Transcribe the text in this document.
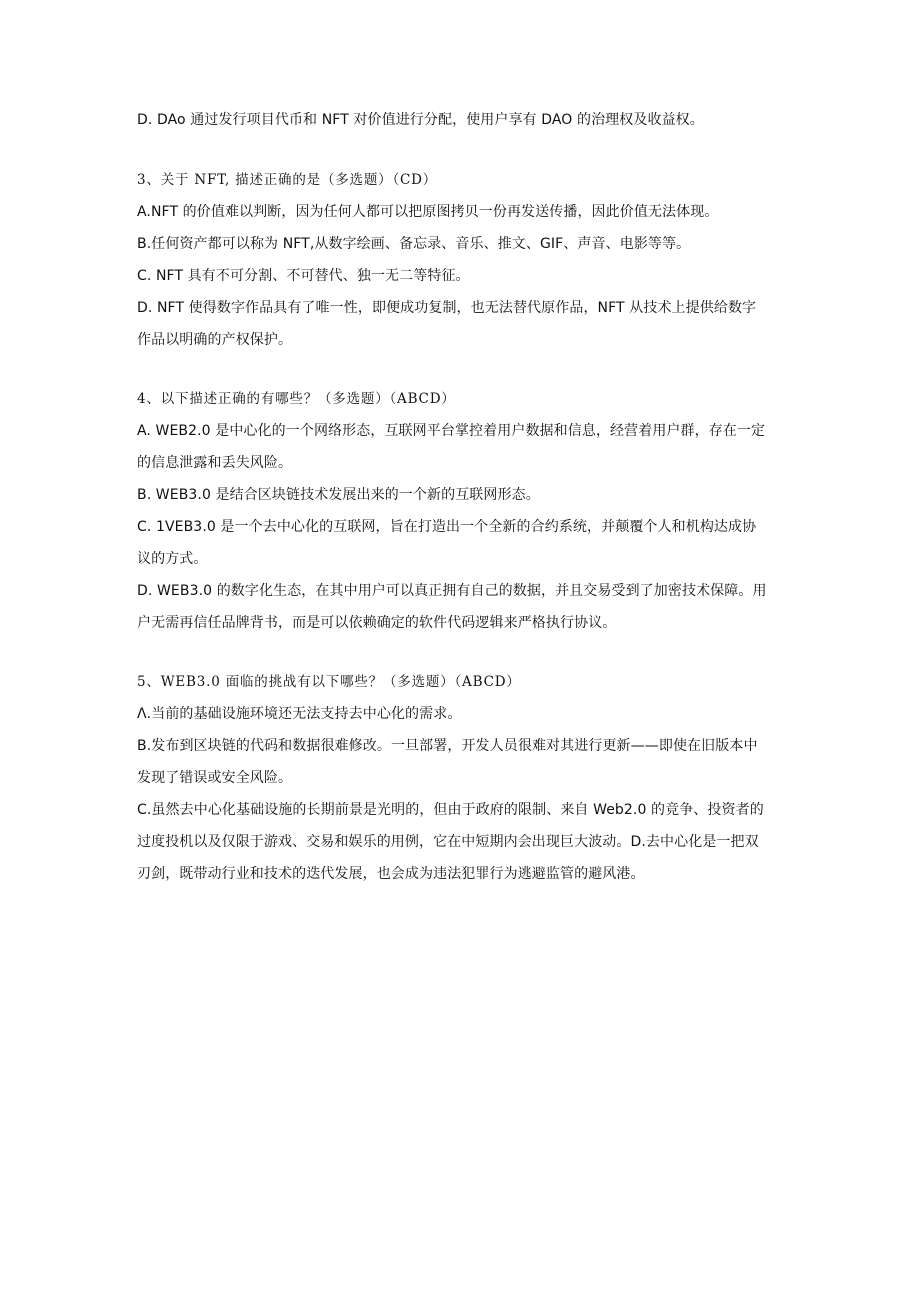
D. DAo 通过发行项目代币和 NFT 对价值进行分配，使用户享有 DAO 的治理权及收益权。
3、关于 NFT, 描述正确的是（多选题）（CD）
A.NFT 的价值难以判断，因为任何人都可以把原图拷贝一份再发送传播，因此价值无法体现。
B.任何资产都可以称为 NFT,从数字绘画、备忘录、音乐、推文、GIF、声音、电影等等。
C. NFT 具有不可分割、不可替代、独一无二等特征。
D. NFT 使得数字作品具有了唯一性，即便成功复制，也无法替代原作品，NFT 从技术上提供给数字
作品以明确的产权保护。
4、以下描述正确的有哪些？（多选题）（ABCD）
A. WEB2.0 是中心化的一个网络形态，互联网平台掌控着用户数据和信息，经营着用户群，存在一定
的信息泄露和丢失风险。
B. WEB3.0 是结合区块链技术发展出来的一个新的互联网形态。
C. 1VEB3.0 是一个去中心化的互联网，旨在打造出一个全新的合约系统，并颠覆个人和机构达成协
议的方式。
D. WEB3.0 的数字化生态，在其中用户可以真正拥有自己的数据，并且交易受到了加密技术保障。用
户无需再信任品牌背书，而是可以依赖确定的软件代码逻辑来严格执行协议。
5、WEB3.0 面临的挑战有以下哪些？（多选题）（ABCD）
Λ.当前的基础设施环境还无法支持去中心化的需求。
B.发布到区块链的代码和数据很难修改。一旦部署，开发人员很难对其进行更新——即使在旧版本中
发现了错误或安全风险。
C.虽然去中心化基础设施的长期前景是光明的，但由于政府的限制、来自 Web2.0 的竞争、投资者的
过度投机以及仅限于游戏、交易和娱乐的用例，它在中短期内会出现巨大波动。D.去中心化是一把双
刃剑，既带动行业和技术的迭代发展，也会成为违法犯罪行为逃避监管的避风港。
